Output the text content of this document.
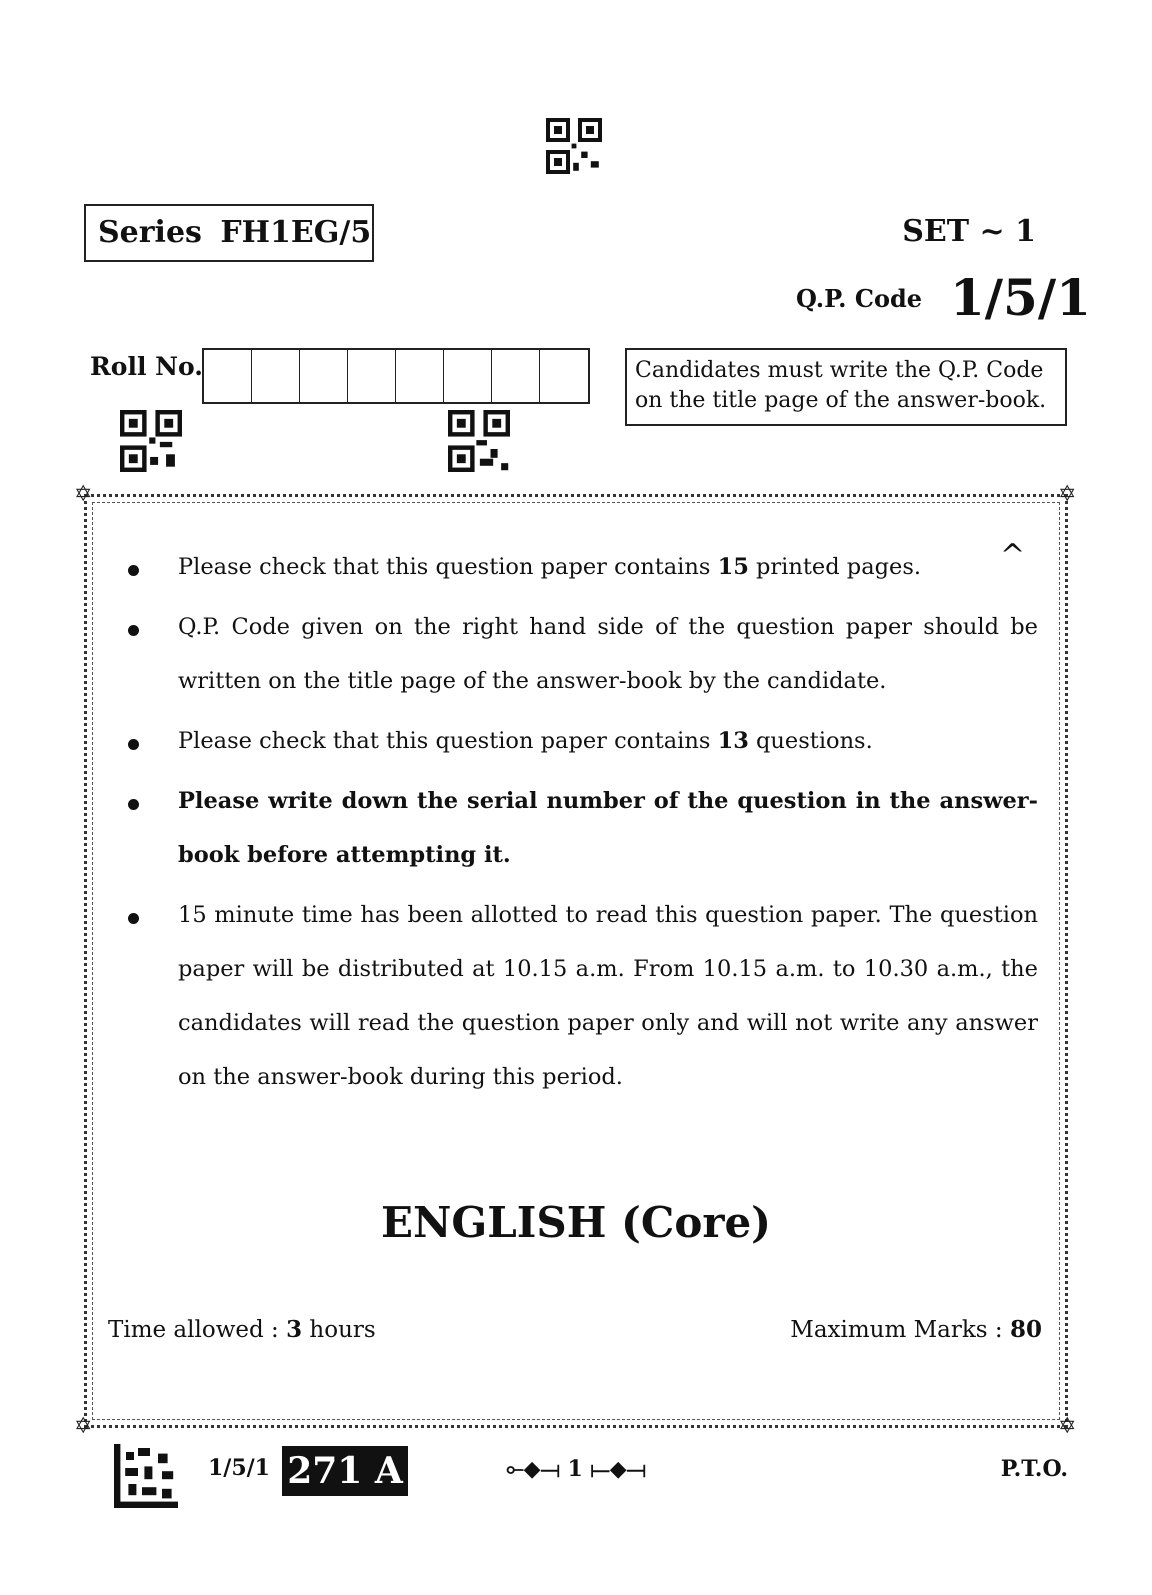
Series FH1EG/5	SET ~ 1
Q.P. Code 1/5/1
Roll No.	Candidates must write the Q.P. Code on the title page of the answer-book.
✡	✡
✡	✡
Please check that this question paper contains 15 printed pages.
Q.P. Code given on the right hand side of the question paper should be written on the title page of the answer-book by the candidate.
Please check that this question paper contains 13 questions.
Please write down the serial number of the question in the answer-book before attempting it.
15 minute time has been allotted to read this question paper. The question paper will be distributed at 10.15 a.m. From 10.15 a.m. to 10.30 a.m., the candidates will read the question paper only and will not write any answer on the answer-book during this period.
^
ENGLISH (Core)
Time allowed : 3 hours	Maximum Marks : 80
1/5/1 271 A	⟜◆⟞ 1 ⟝◆⟞	P.T.O.
